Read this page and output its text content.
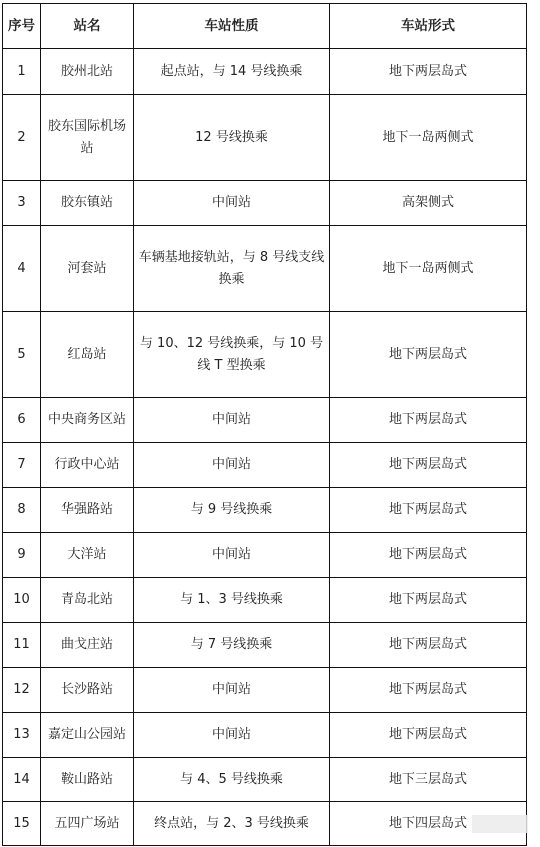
序号	站名	车站性质	车站形式
1	胶州北站	起点站，与 14 号线换乘	地下两层岛式
2	胶东国际机场站	12 号线换乘	地下一岛两侧式
3	胶东镇站	中间站	高架侧式
4	河套站	车辆基地接轨站，与 8 号线支线换乘	地下一岛两侧式
5	红岛站	与 10、12 号线换乘，与 10 号线 T 型换乘	地下两层岛式
6	中央商务区站	中间站	地下两层岛式
7	行政中心站	中间站	地下两层岛式
8	华强路站	与 9 号线换乘	地下两层岛式
9	大洋站	中间站	地下两层岛式
10	青岛北站	与 1、3 号线换乘	地下两层岛式
11	曲戈庄站	与 7 号线换乘	地下两层岛式
12	长沙路站	中间站	地下两层岛式
13	嘉定山公园站	中间站	地下两层岛式
14	鞍山路站	与 4、5 号线换乘	地下三层岛式
15	五四广场站	终点站，与 2、3 号线换乘	地下四层岛式
